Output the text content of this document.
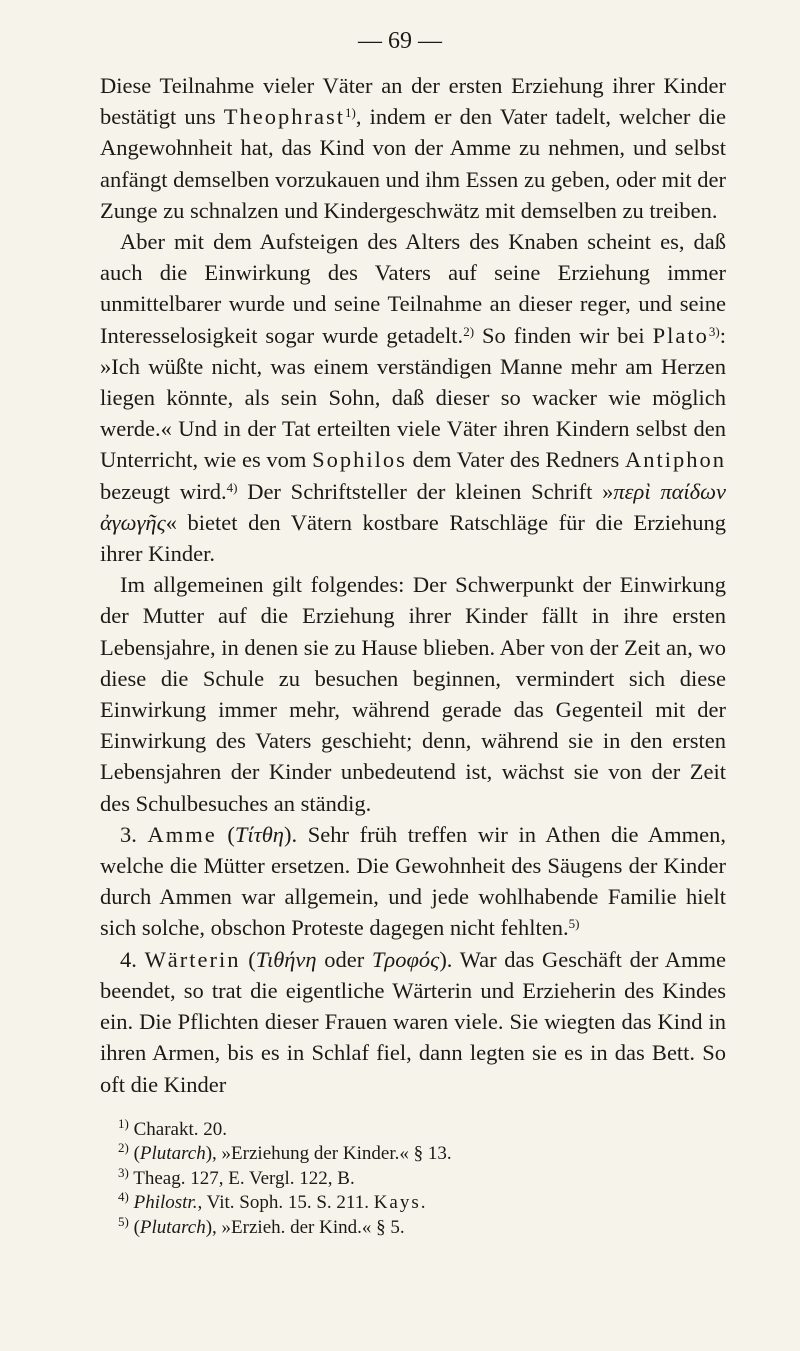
— 69 —

Diese Teilnahme vieler Väter an der ersten Erziehung ihrer Kinder bestätigt uns Theophrast$^{1)}$, indem er den Vater tadelt, welcher die Angewohnheit hat, das Kind von der Amme zu nehmen, und selbst anfängt demselben vorzukauen und ihm Essen zu geben, oder mit der Zunge zu schnalzen und Kindergeschwätz mit demselben zu treiben.

Aber mit dem Aufsteigen des Alters des Knaben scheint es, daß auch die Einwirkung des Vaters auf seine Erziehung immer unmittelbarer wurde und seine Teilnahme an dieser reger, und seine Interesselosigkeit sogar wurde getadelt.$^{2)}$ So finden wir bei Plato$^{3)}$: »Ich wüßte nicht, was einem verständigen Manne mehr am Herzen liegen könnte, als sein Sohn, daß dieser so wacker wie möglich werde.« Und in der Tat erteilten viele Väter ihren Kindern selbst den Unterricht, wie es vom Sophilos dem Vater des Redners Antiphon bezeugt wird.$^{4)}$ Der Schriftsteller der kleinen Schrift »περὶ παίδων ἀγωγῆς« bietet den Vätern kostbare Ratschläge für die Erziehung ihrer Kinder.

Im allgemeinen gilt folgendes: Der Schwerpunkt der Einwirkung der Mutter auf die Erziehung ihrer Kinder fällt in ihre ersten Lebensjahre, in denen sie zu Hause blieben. Aber von der Zeit an, wo diese die Schule zu besuchen beginnen, vermindert sich diese Einwirkung immer mehr, während gerade das Gegenteil mit der Einwirkung des Vaters geschieht; denn, während sie in den ersten Lebensjahren der Kinder unbedeutend ist, wächst sie von der Zeit des Schulbesuches an ständig.

3. Amme (Τίτθη). Sehr früh treffen wir in Athen die Ammen, welche die Mütter ersetzen. Die Gewohnheit des Säugens der Kinder durch Ammen war allgemein, und jede wohlhabende Familie hielt sich solche, obschon Proteste dagegen nicht fehlten.$^{5)}$

4. Wärterin (Τιθήνη oder Τροφός). War das Geschäft der Amme beendet, so trat die eigentliche Wärterin und Erzieherin des Kindes ein. Die Pflichten dieser Frauen waren viele. Sie wiegten das Kind in ihren Armen, bis es in Schlaf fiel, dann legten sie es in das Bett. So oft die Kinder

$^{1)}$ Charakt. 20.
$^{2)}$ (Plutarch), »Erziehung der Kinder.« § 13.
$^{3)}$ Theag. 127, E. Vergl. 122, B.
$^{4)}$ Philostr., Vit. Soph. 15. S. 211. Kays.
$^{5)}$ (Plutarch), »Erzieh. der Kind.« § 5.
